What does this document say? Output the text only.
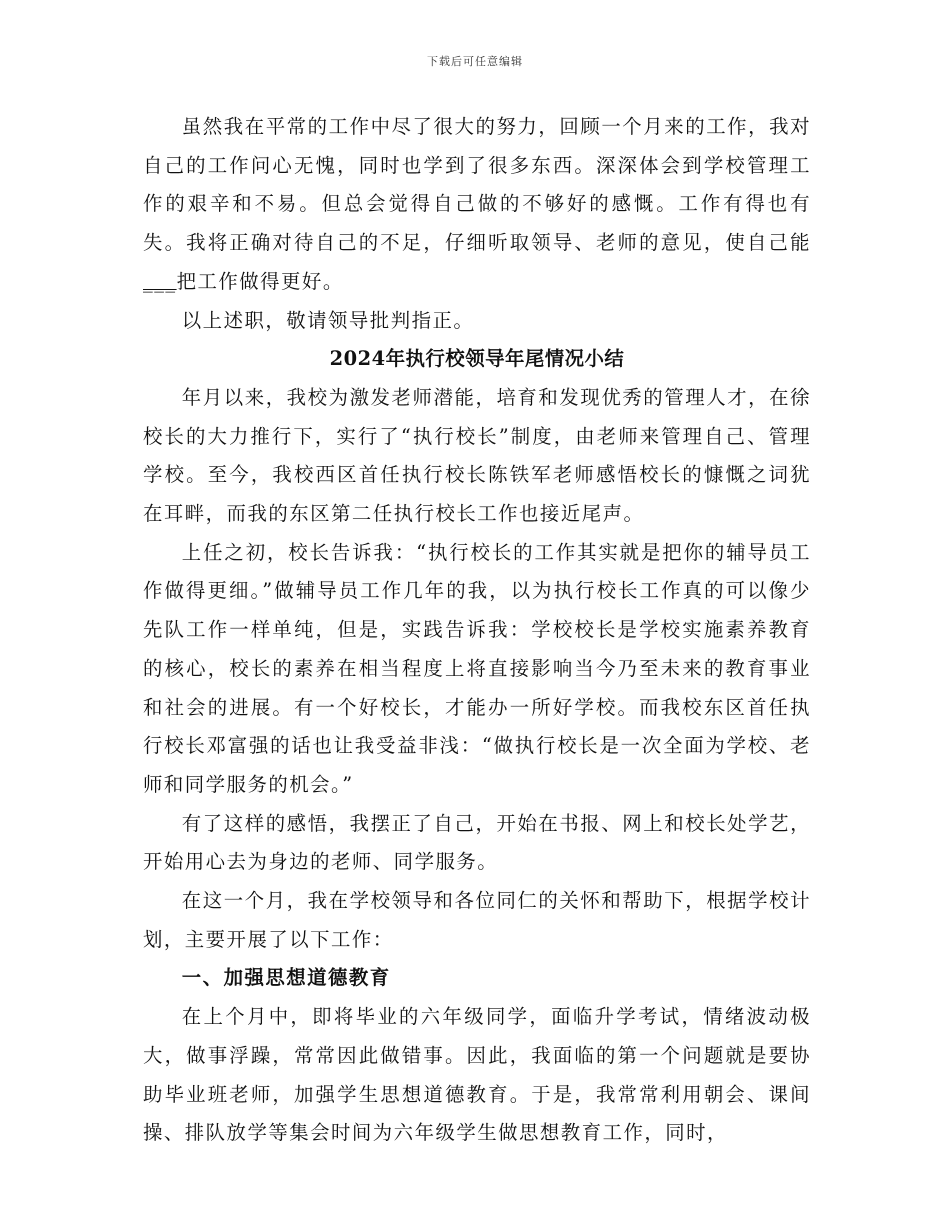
下载后可任意编辑

虽然我在平常的工作中尽了很大的努力，回顾一个月来的工作，我对自己的工作问心无愧，同时也学到了很多东西。深深体会到学校管理工作的艰辛和不易。但总会觉得自己做的不够好的感慨。工作有得也有失。我将正确对待自己的不足，仔细听取领导、老师的意见，使自己能___把工作做得更好。

以上述职，敬请领导批判指正。

2024年执行校领导年尾情况小结

年月以来，我校为激发老师潜能，培育和发现优秀的管理人才，在徐校长的大力推行下，实行了“执行校长”制度，由老师来管理自己、管理学校。至今，我校西区首任执行校长陈铁军老师感悟校长的慷慨之词犹在耳畔，而我的东区第二任执行校长工作也接近尾声。

上任之初，校长告诉我：“执行校长的工作其实就是把你的辅导员工作做得更细。”做辅导员工作几年的我，以为执行校长工作真的可以像少先队工作一样单纯，但是，实践告诉我：学校校长是学校实施素养教育的核心，校长的素养在相当程度上将直接影响当今乃至未来的教育事业和社会的进展。有一个好校长，才能办一所好学校。而我校东区首任执行校长邓富强的话也让我受益非浅：“做执行校长是一次全面为学校、老师和同学服务的机会。”

有了这样的感悟，我摆正了自己，开始在书报、网上和校长处学艺，开始用心去为身边的老师、同学服务。

在这一个月，我在学校领导和各位同仁的关怀和帮助下，根据学校计划，主要开展了以下工作：

一、加强思想道德教育

在上个月中，即将毕业的六年级同学，面临升学考试，情绪波动极大，做事浮躁，常常因此做错事。因此，我面临的第一个问题就是要协助毕业班老师，加强学生思想道德教育。于是，我常常利用朝会、课间操、排队放学等集会时间为六年级学生做思想教育工作，同时，
